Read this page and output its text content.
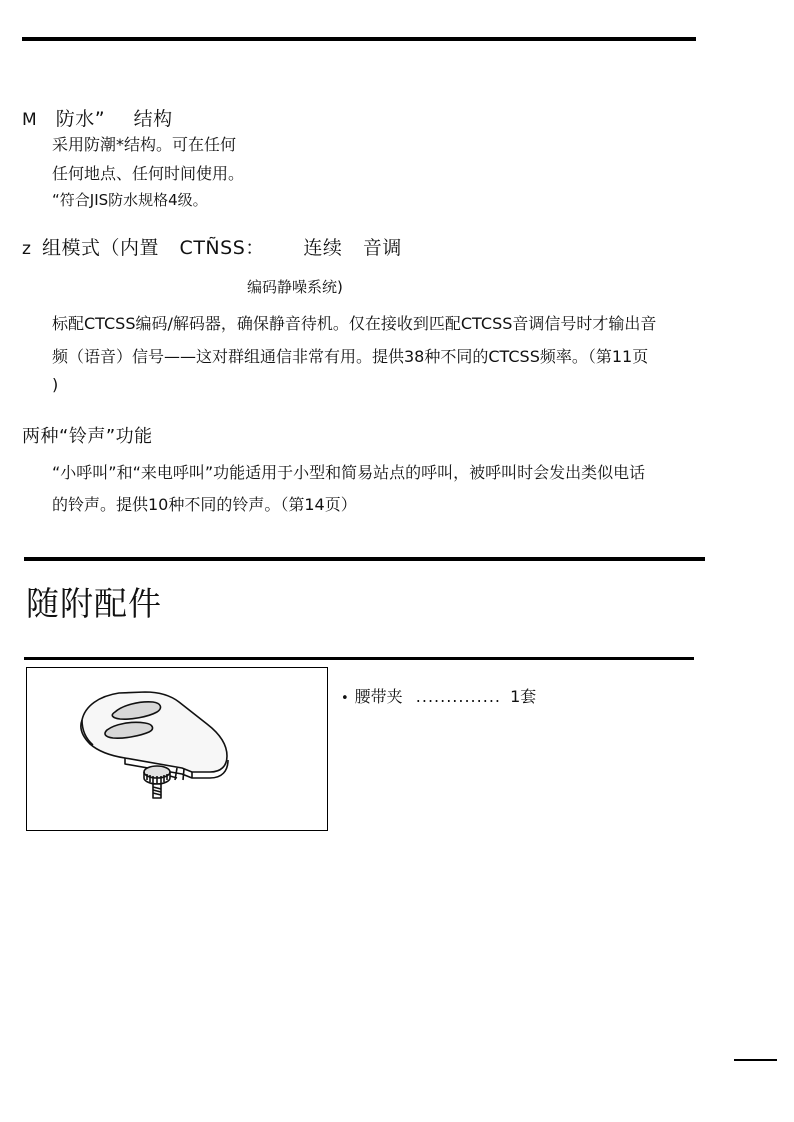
M 防水” 结构
采用防潮*结构。可在任何
任何地点、任何时间使用。
“符合JIS防水规格4级。
z 组模式（内置 CTÑSS： 连续 音调
编码静噪系统)
标配CTCSS编码/解码器，确保静音待机。仅在接收到匹配CTCSS音调信号时才输出音
频（语音）信号——这对群组通信非常有用。提供38种不同的CTCSS频率。（第11页
)
两种“铃声”功能
“小呼叫”和“来电呼叫”功能适用于小型和简易站点的呼叫，被呼叫时会发出类似电话
的铃声。提供10种不同的铃声。（第14页）
随附配件
• 腰带夹 .............. 1套
